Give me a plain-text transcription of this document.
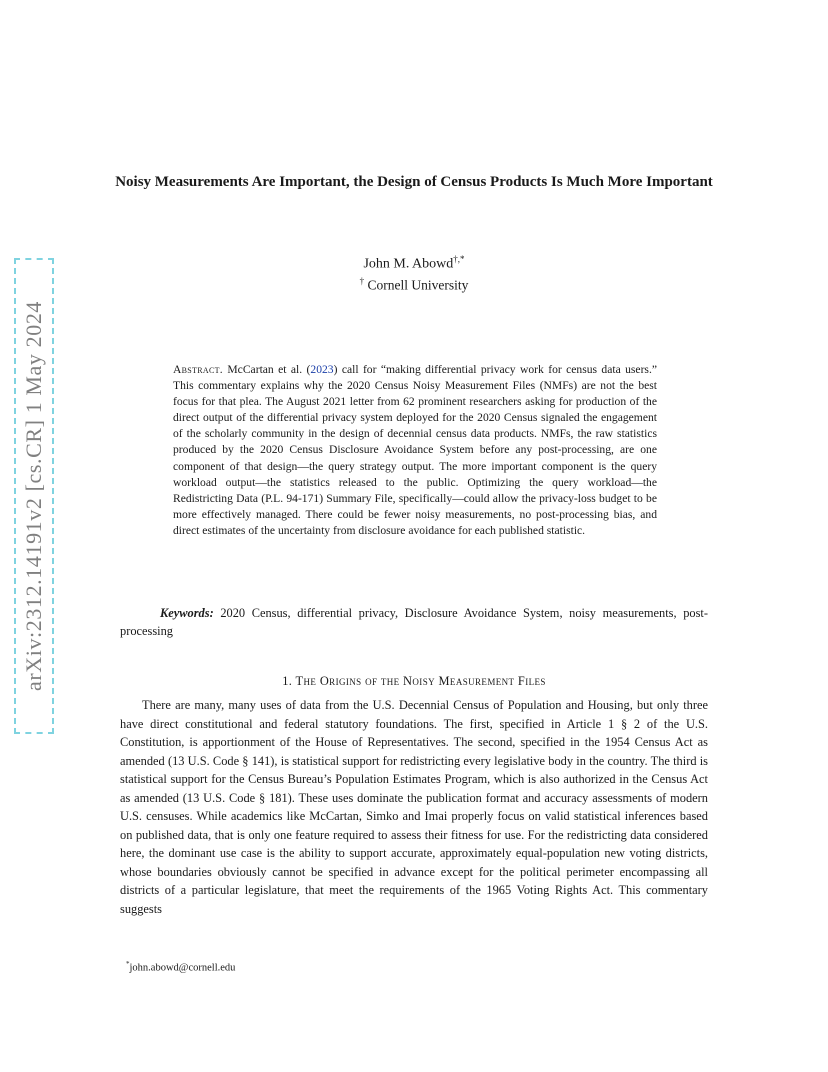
arXiv:2312.14191v2 [cs.CR] 1 May 2024
Noisy Measurements Are Important, the Design of Census Products Is Much More Important
John M. Abowd†,*
† Cornell University
Abstract. McCartan et al. (2023) call for “making differential privacy work for census data users.” This commentary explains why the 2020 Census Noisy Measurement Files (NMFs) are not the best focus for that plea. The August 2021 letter from 62 prominent researchers asking for production of the direct output of the differential privacy system deployed for the 2020 Census signaled the engagement of the scholarly community in the design of decennial census data products. NMFs, the raw statistics produced by the 2020 Census Disclosure Avoidance System before any post-processing, are one component of that design—the query strategy output. The more important component is the query workload output—the statistics released to the public. Optimizing the query workload—the Redistricting Data (P.L. 94-171) Summary File, specifically—could allow the privacy-loss budget to be more effectively managed. There could be fewer noisy measurements, no post-processing bias, and direct estimates of the uncertainty from disclosure avoidance for each published statistic.
Keywords: 2020 Census, differential privacy, Disclosure Avoidance System, noisy measurements, post-processing
1. The Origins of the Noisy Measurement Files
There are many, many uses of data from the U.S. Decennial Census of Population and Housing, but only three have direct constitutional and federal statutory foundations. The first, specified in Article 1 § 2 of the U.S. Constitution, is apportionment of the House of Representatives. The second, specified in the 1954 Census Act as amended (13 U.S. Code § 141), is statistical support for redistricting every legislative body in the country. The third is statistical support for the Census Bureau’s Population Estimates Program, which is also authorized in the Census Act as amended (13 U.S. Code § 181). These uses dominate the publication format and accuracy assessments of modern U.S. censuses. While academics like McCartan, Simko and Imai properly focus on valid statistical inferences based on published data, that is only one feature required to assess their fitness for use. For the redistricting data considered here, the dominant use case is the ability to support accurate, approximately equal-population new voting districts, whose boundaries obviously cannot be specified in advance except for the political perimeter encompassing all districts of a particular legislature, that meet the requirements of the 1965 Voting Rights Act. This commentary suggests
*john.abowd@cornell.edu
